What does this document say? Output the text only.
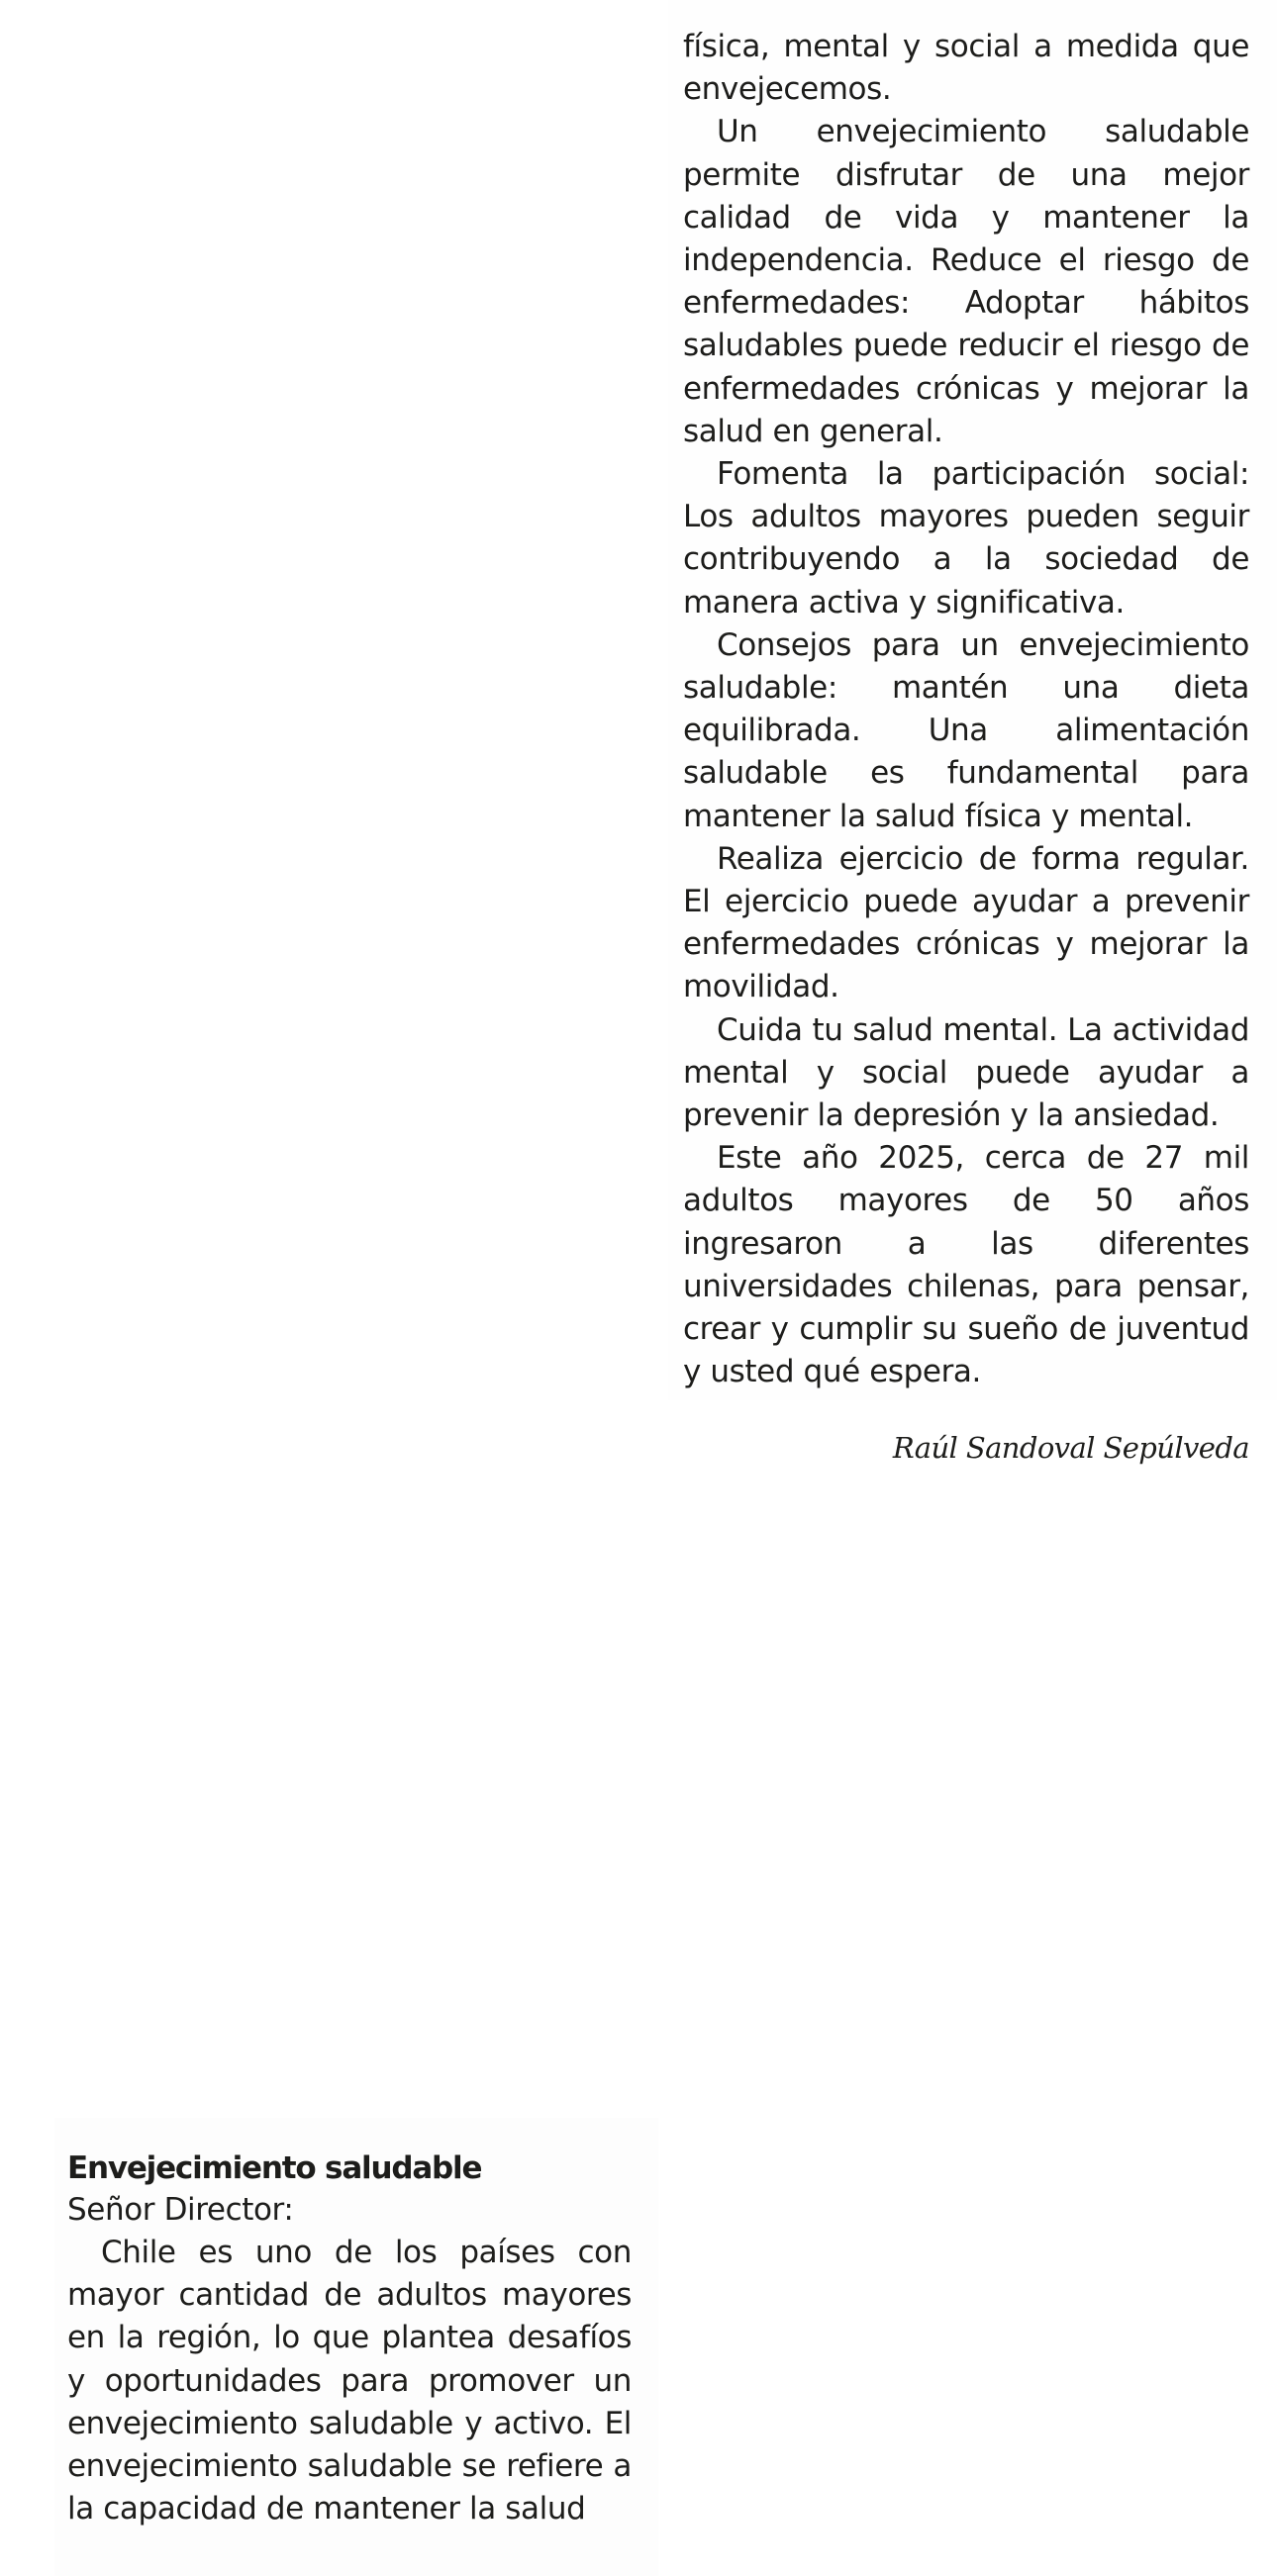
física, mental y social a medida que envejecemos.

Un envejecimiento saludable permite disfrutar de una mejor calidad de vida y mantener la independencia. Reduce el riesgo de enfermedades: Adoptar hábitos saludables puede reducir el riesgo de enfermedades crónicas y mejorar la salud en general.

Fomenta la participación social: Los adultos mayores pueden seguir contribuyendo a la sociedad de manera activa y significativa.

Consejos para un envejecimiento saludable: mantén una dieta equilibrada. Una alimentación saludable es fundamental para mantener la salud física y mental.

Realiza ejercicio de forma regular. El ejercicio puede ayudar a prevenir enfermedades crónicas y mejorar la movilidad.

Cuida tu salud mental. La actividad mental y social puede ayudar a prevenir la depresión y la ansiedad.

Este año 2025, cerca de 27 mil adultos mayores de 50 años ingresaron a las diferentes universidades chilenas, para pensar, crear y cumplir su sueño de juventud y usted qué espera.

Raúl Sandoval Sepúlveda
Envejecimiento saludable
Señor Director:

Chile es uno de los países con mayor cantidad de adultos mayores en la región, lo que plantea desafíos y oportunidades para promover un envejecimiento saludable y activo. El envejecimiento saludable se refiere a la capacidad de mantener la salud
